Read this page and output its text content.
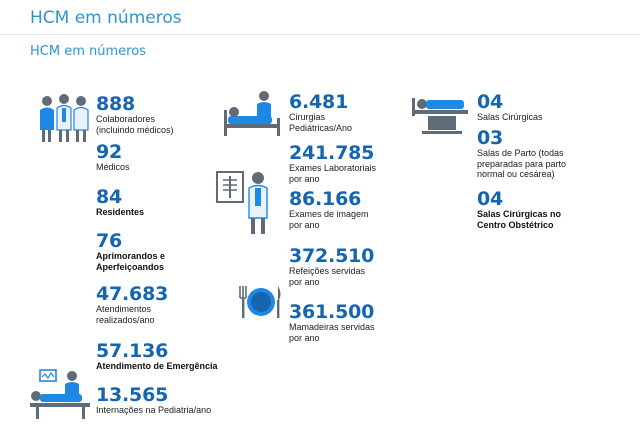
HCM em números
HCM em números
888
Colaboradores
(incluindo médicos)
92
Médicos
84
Residentes
76
Aprimorandos e
Aperfeiçoandos
47.683
Atendimentos
realizados/ano
57.136
Atendimento de Emergência
13.565
Internações na Pediatria/ano
6.481
Cirurgias
Pediátricas/Ano
241.785
Exames Laboratoriais
por ano
86.166
Exames de imagem
por ano
372.510
Refeições servidas
por ano
361.500
Mamadeiras servidas
por ano
04
Salas Cirúrgicas
03
Salas de Parto (todas
preparadas para parto
normal ou cesárea)
04
Salas Cirúrgicas no
Centro Obstétrico
